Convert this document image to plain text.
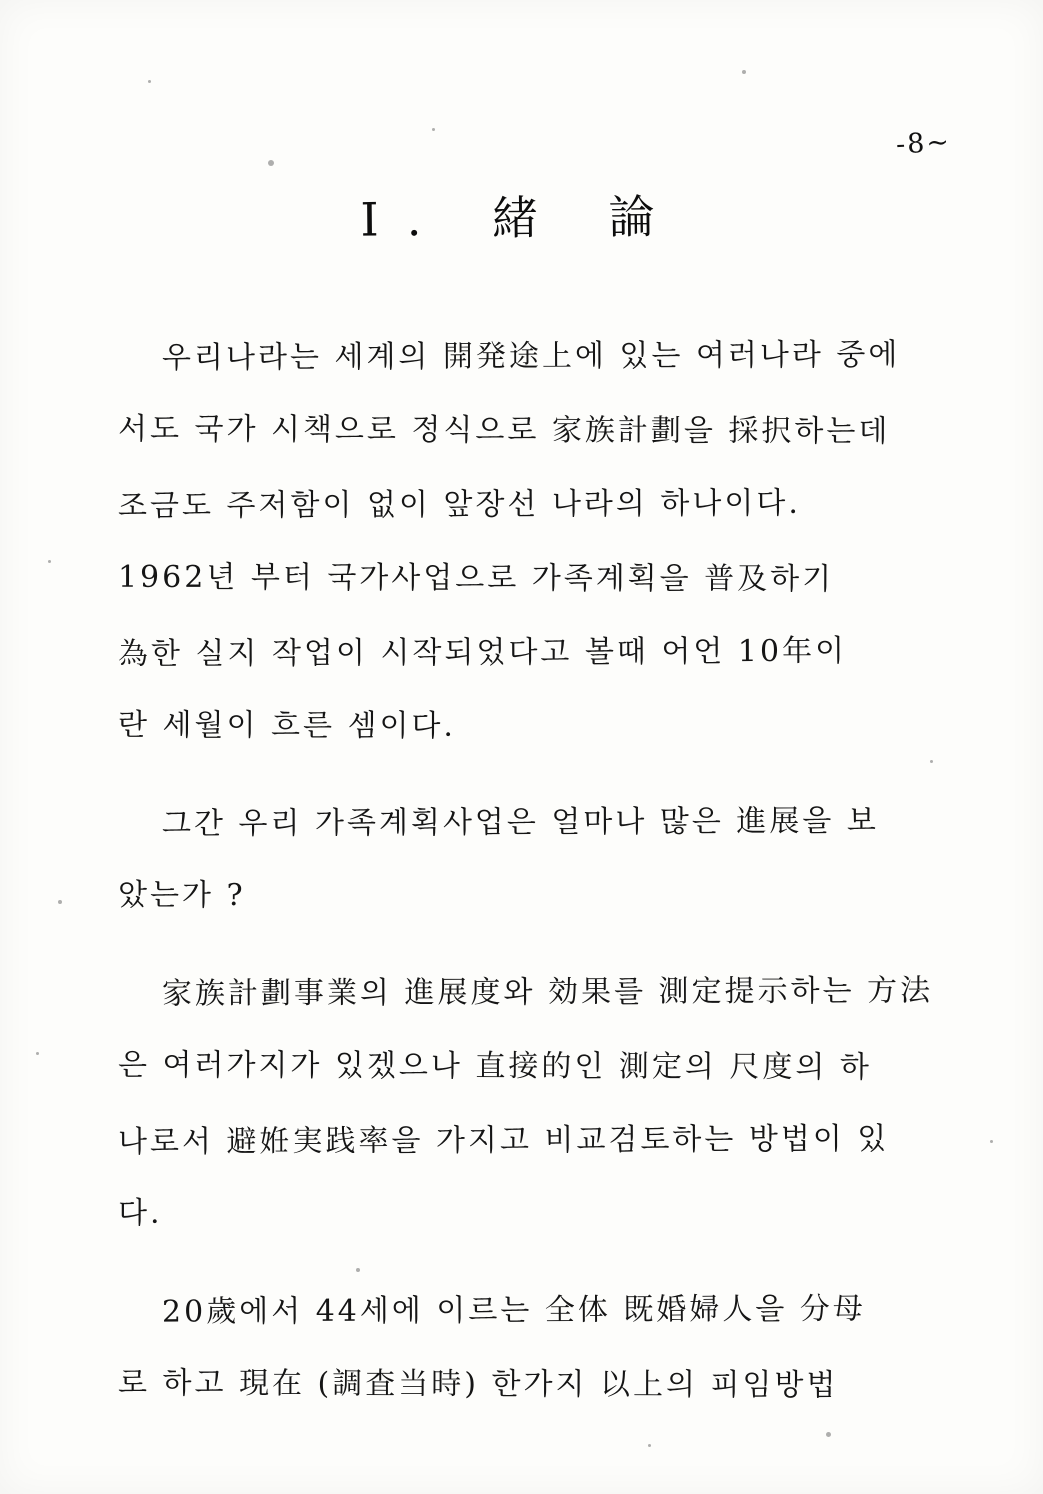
-8~
I. 緒 論
우리나라는 세계의 開発途上에 있는 여러나라 중에
서도 국가 시책으로 정식으로 家族計劃을 採択하는데
조금도 주저함이 없이 앞장선 나라의 하나이다.
1962년 부터 국가사업으로 가족계획을 普及하기
為한 실지 작업이 시작되었다고 볼때 어언 10年이
란 세월이 흐른 셈이다.
그간 우리 가족계획사업은 얼마나 많은 進展을 보
았는가 ?
家族計劃事業의 進展度와 効果를 測定提示하는 方法
은 여러가지가 있겠으나 直接的인 測定의 尺度의 하
나로서 避姙実践率을 가지고 비교검토하는 방법이 있
다.
20歲에서 44세에 이르는 全体 既婚婦人을 分母
로 하고 現在 (調査当時) 한가지 以上의 피임방법
